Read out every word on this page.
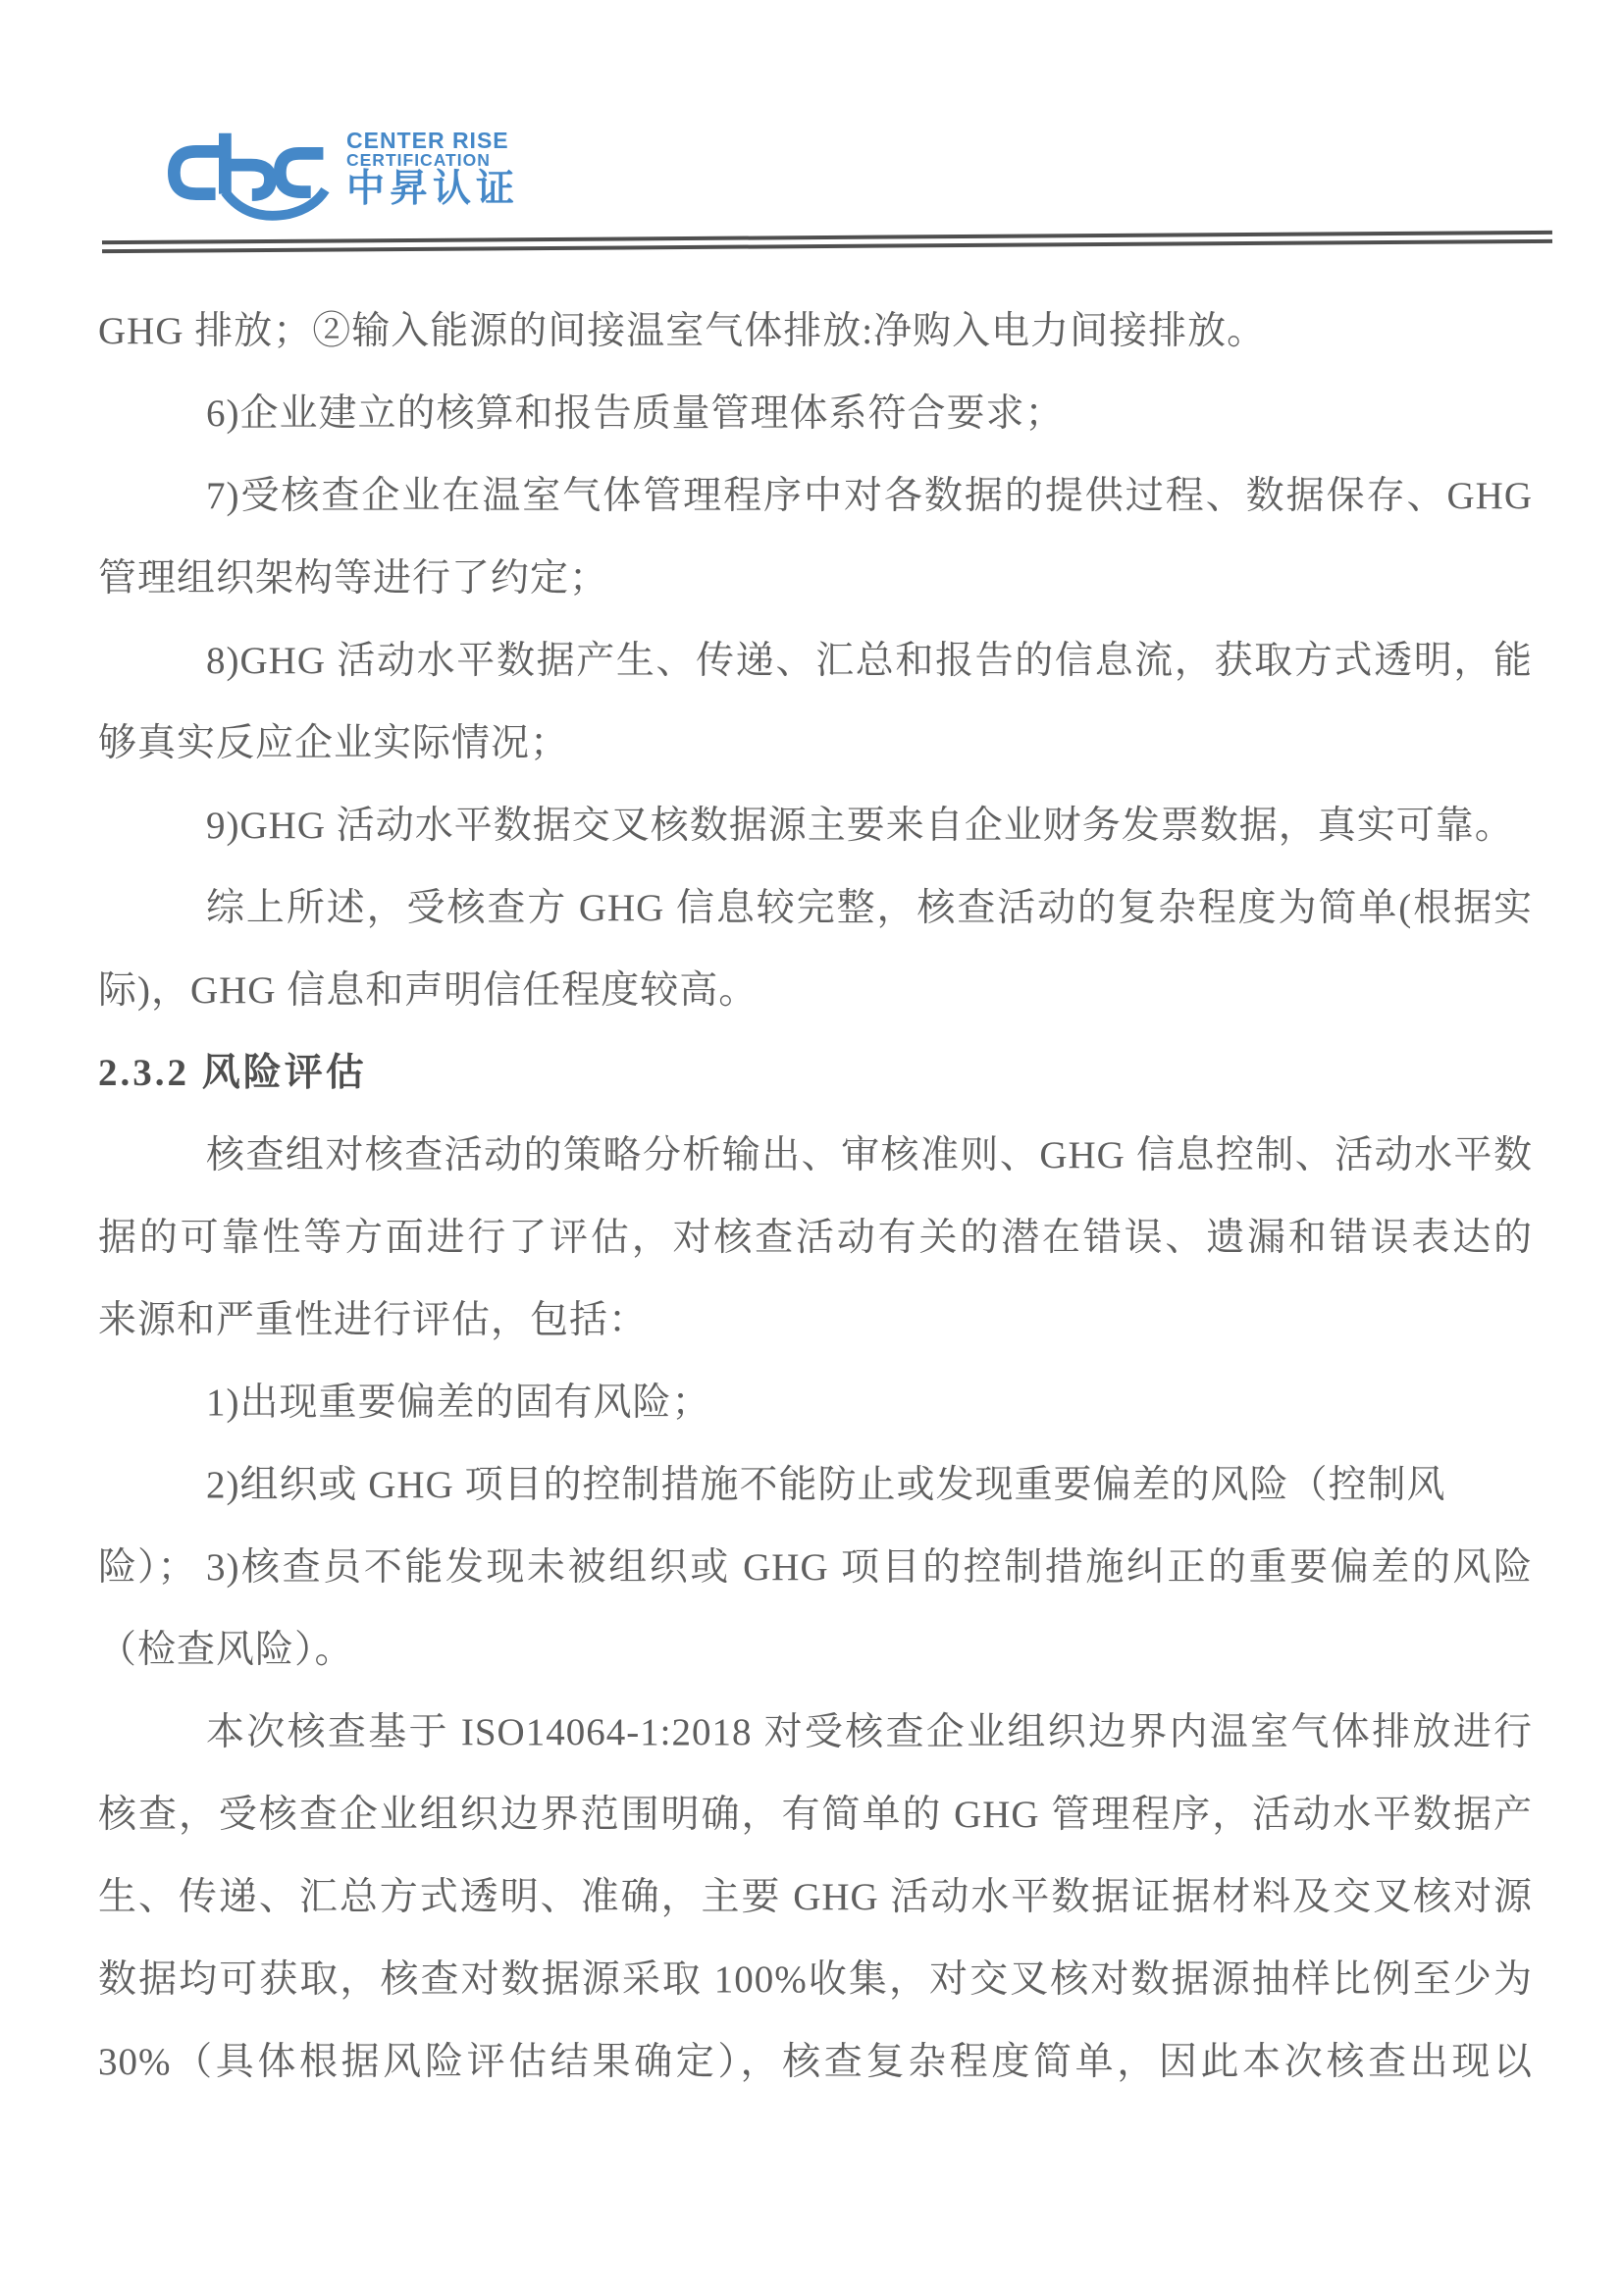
CENTER RISE
CERTIFICATION
中昇认证
GHG 排放；②输入能源的间接温室气体排放:净购入电力间接排放。
6)企业建立的核算和报告质量管理体系符合要求；
7)受核查企业在温室气体管理程序中对各数据的提供过程、数据保存、GHG
管理组织架构等进行了约定；
8)GHG 活动水平数据产生、传递、汇总和报告的信息流，获取方式透明，能
够真实反应企业实际情况；
9)GHG 活动水平数据交叉核数据源主要来自企业财务发票数据，真实可靠。
综上所述，受核查方 GHG 信息较完整，核查活动的复杂程度为简单(根据实
际)，GHG 信息和声明信任程度较高。
2.3.2 风险评估
核查组对核查活动的策略分析输出、审核准则、GHG 信息控制、活动水平数
据的可靠性等方面进行了评估，对核查活动有关的潜在错误、遗漏和错误表达的
来源和严重性进行评估，包括：
1)出现重要偏差的固有风险；
2)组织或 GHG 项目的控制措施不能防止或发现重要偏差的风险（控制风险）； 3)核查员不能发现未被组织或 GHG 项目的控制措施纠正的重要偏差的风险
（检查风险）。
本次核查基于 ISO14064-1:2018 对受核查企业组织边界内温室气体排放进行
核查，受核查企业组织边界范围明确，有简单的 GHG 管理程序，活动水平数据产
生、传递、汇总方式透明、准确，主要 GHG 活动水平数据证据材料及交叉核对源
数据均可获取，核查对数据源采取 100%收集，对交叉核对数据源抽样比例至少为
30%（具体根据风险评估结果确定），核查复杂程度简单，因此本次核查出现以
